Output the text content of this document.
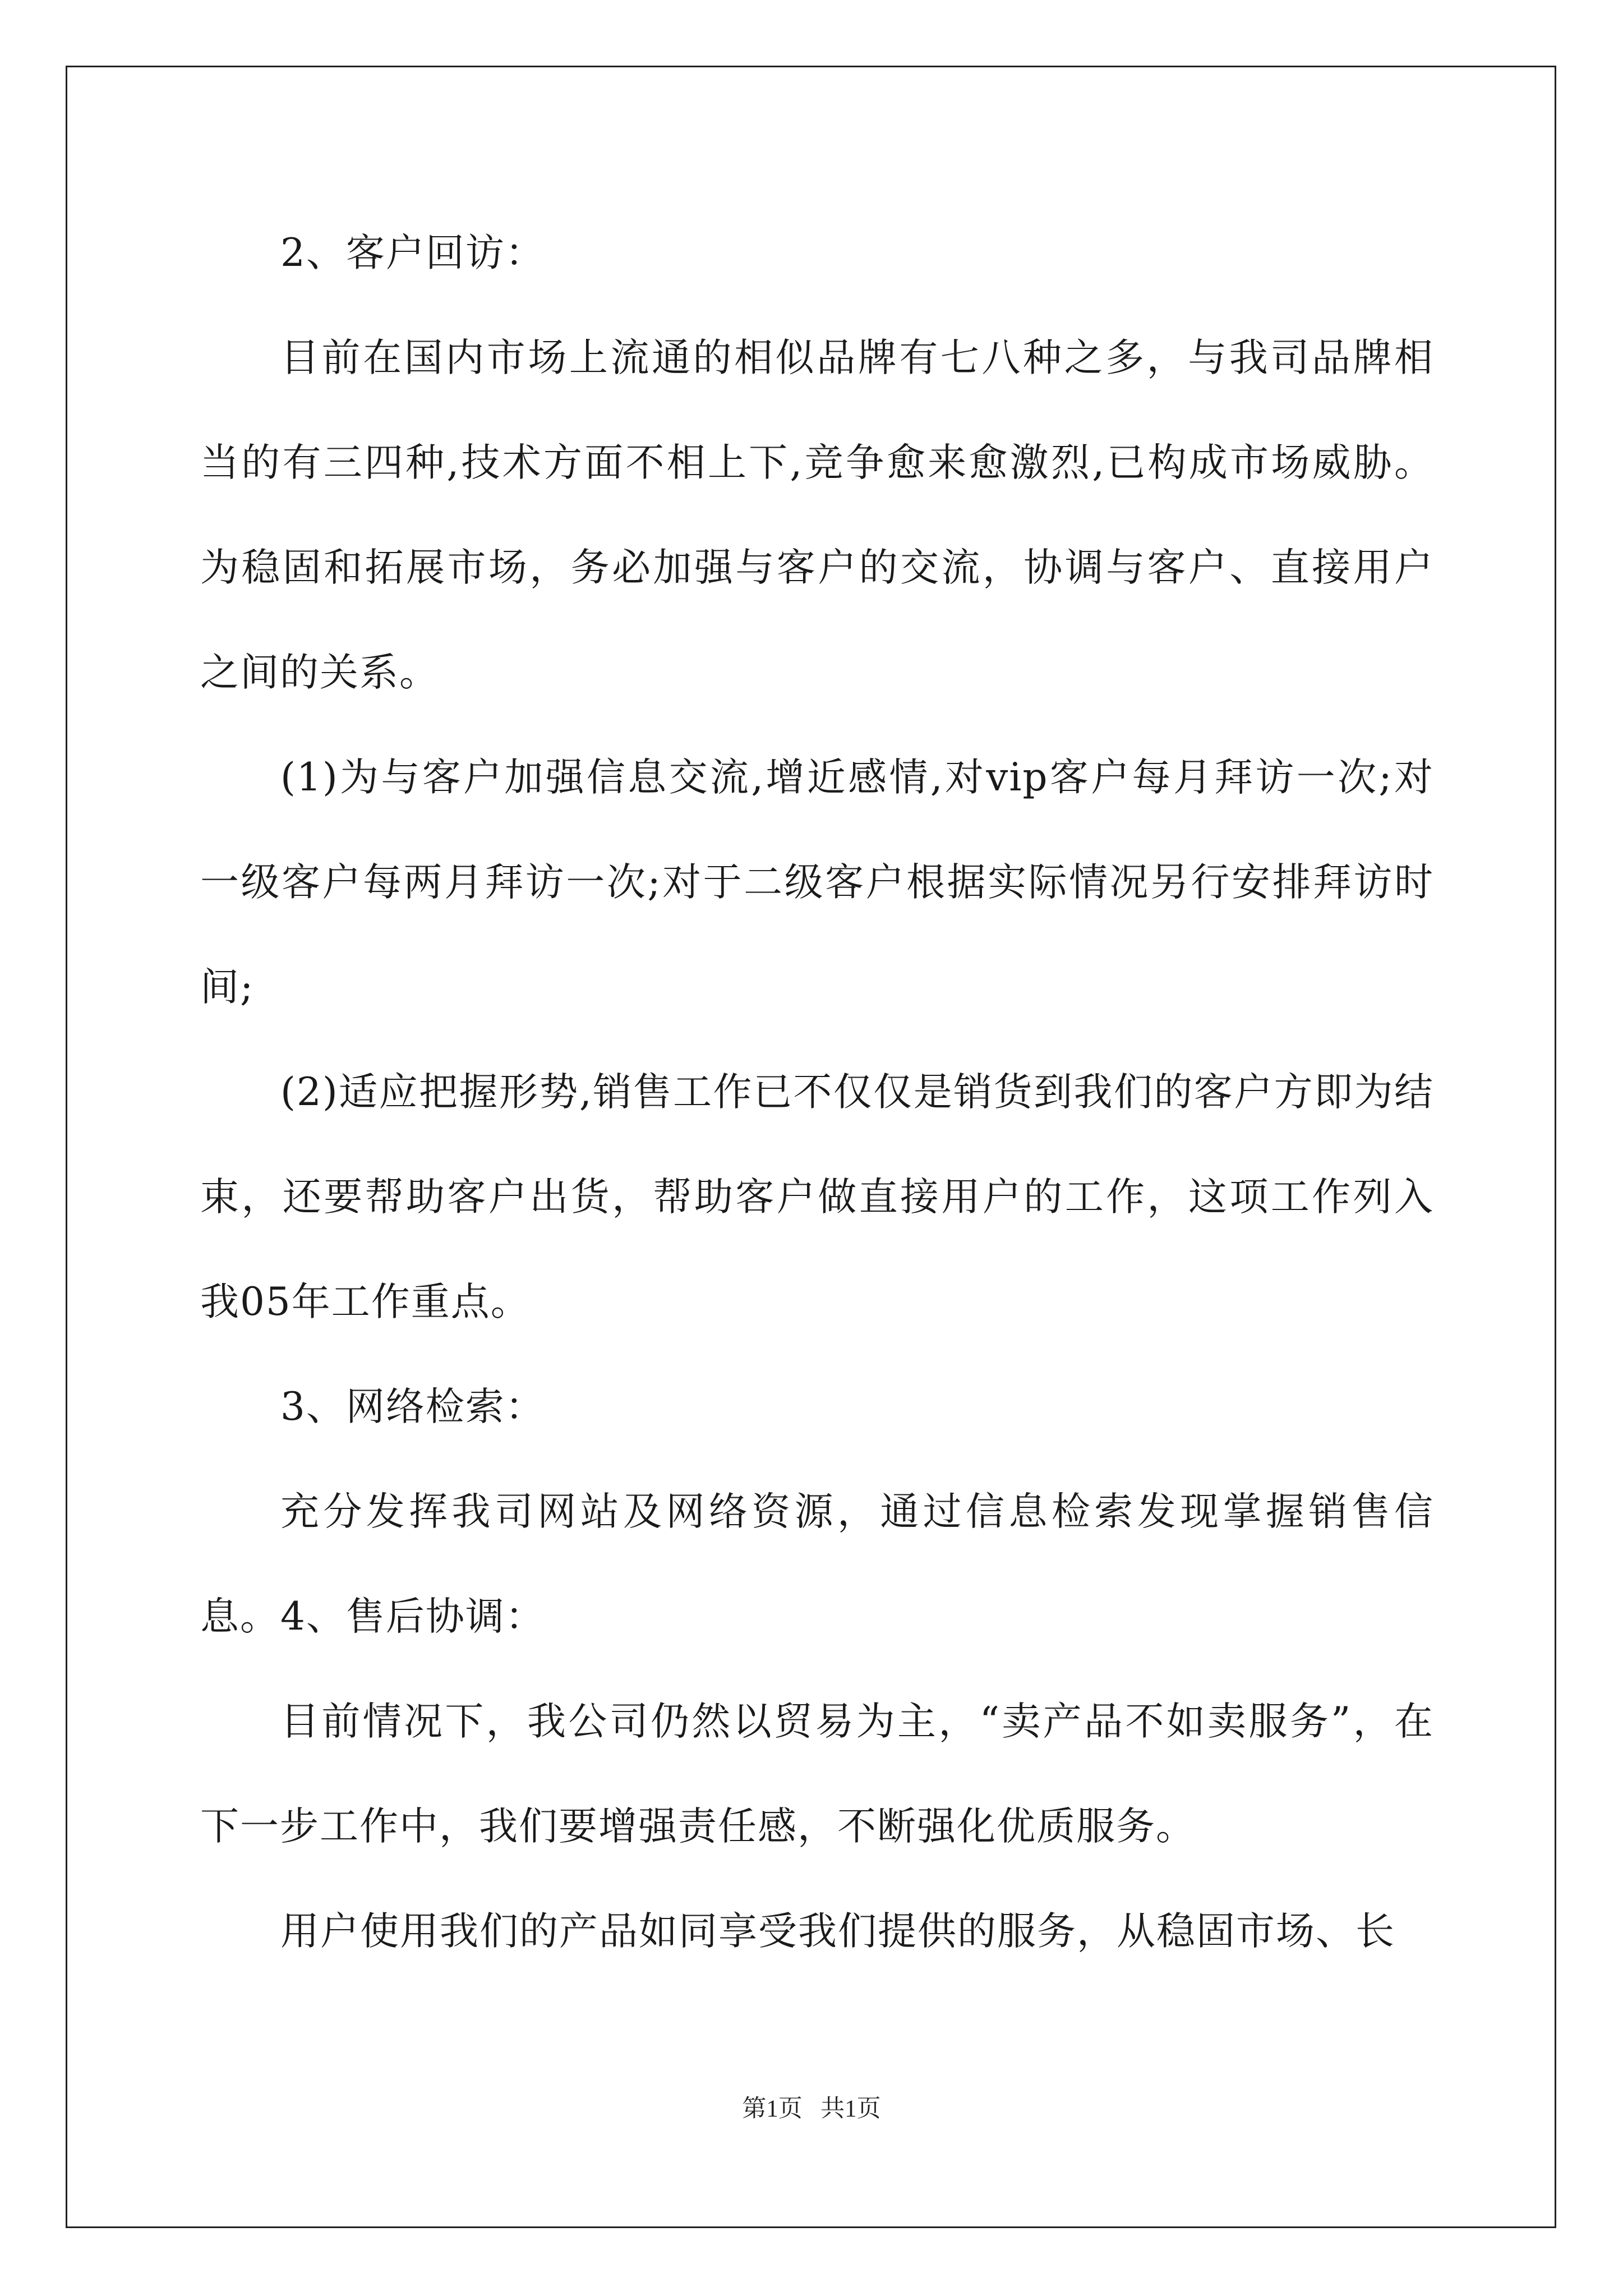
2、客户回访：

目前在国内市场上流通的相似品牌有七八种之多，与我司品牌相当的有三四种,技术方面不相上下,竞争愈来愈激烈,已构成市场威胁。为稳固和拓展市场，务必加强与客户的交流，协调与客户、直接用户之间的关系。

(1)为与客户加强信息交流,增近感情,对vip客户每月拜访一次;对一级客户每两月拜访一次;对于二级客户根据实际情况另行安排拜访时间;

(2)适应把握形势,销售工作已不仅仅是销货到我们的客户方即为结束，还要帮助客户出货，帮助客户做直接用户的工作，这项工作列入我05年工作重点。

3、网络检索：

充分发挥我司网站及网络资源，通过信息检索发现掌握销售信息。 4、售后协调：

目前情况下，我公司仍然以贸易为主，“卖产品不如卖服务”，在下一步工作中，我们要增强责任感，不断强化优质服务。

用户使用我们的产品如同享受我们提供的服务，从稳固市场、长

第1页   共1页
